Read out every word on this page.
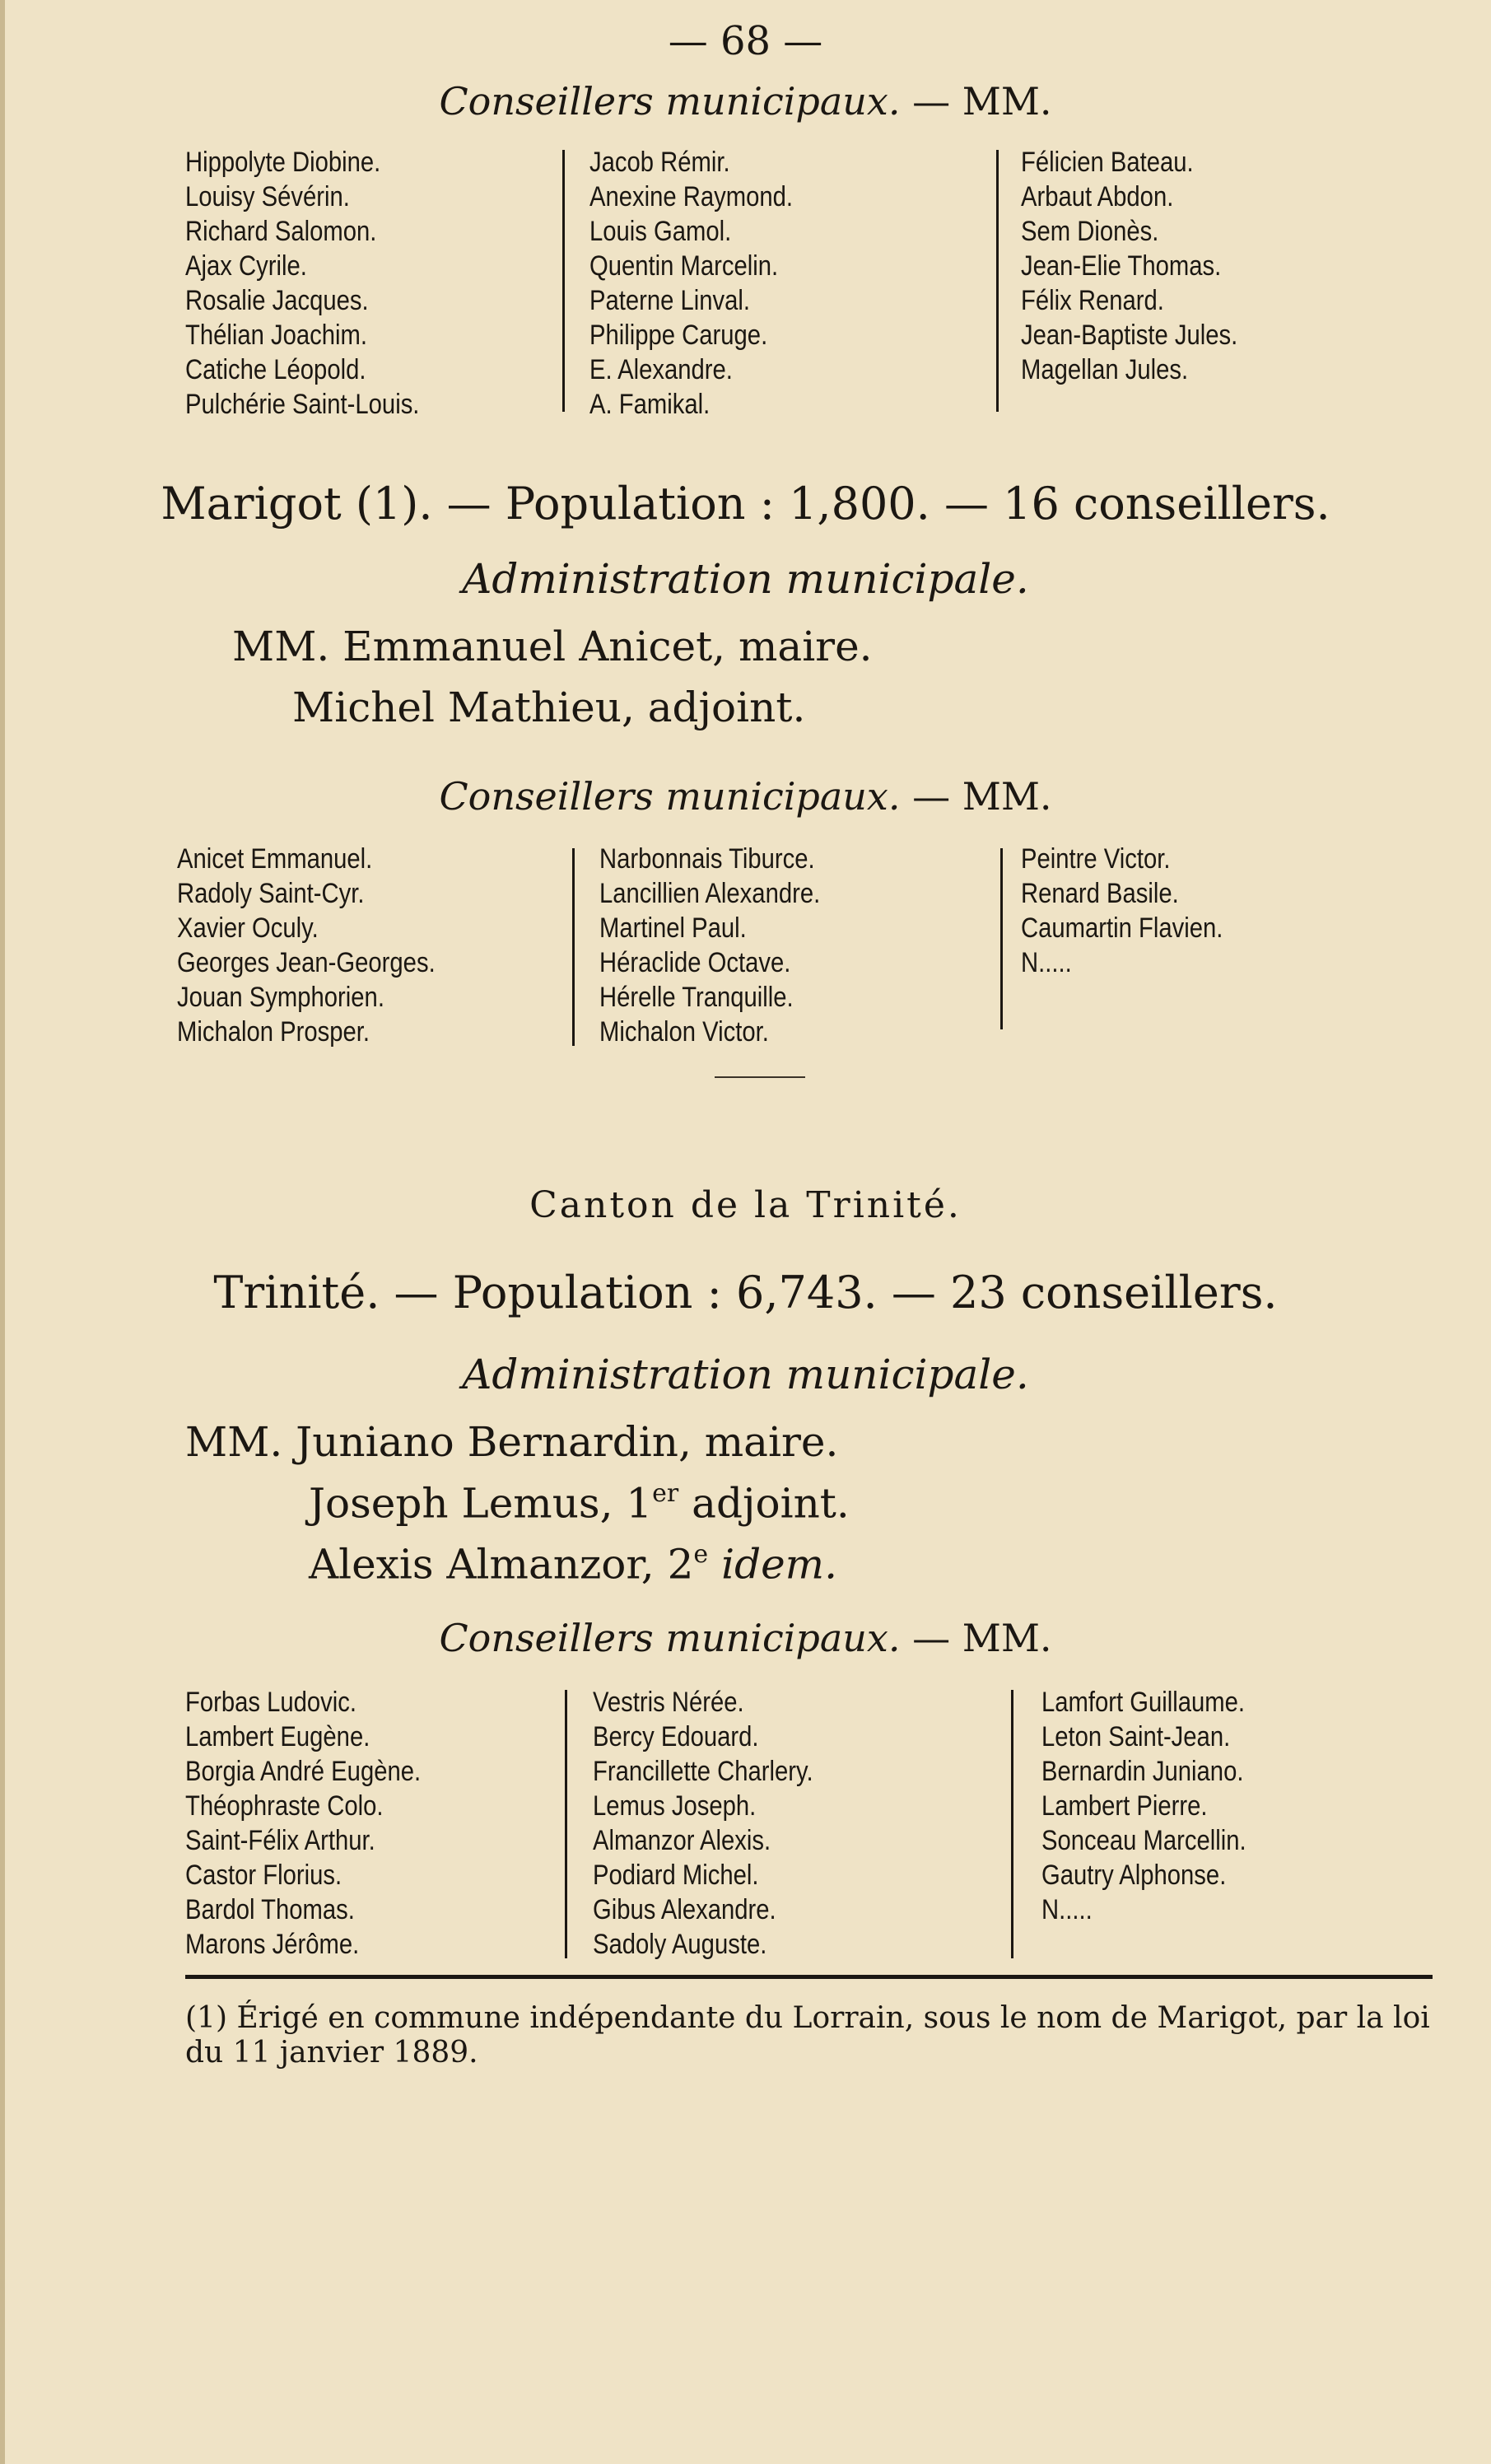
— 68 —
Conseillers municipaux. — MM.
Hippolyte Diobine.
Louisy Sévérin.
Richard Salomon.
Ajax Cyrile.
Rosalie Jacques.
Thélian Joachim.
Catiche Léopold.
Pulchérie Saint-Louis.
Jacob Rémir.
Anexine Raymond.
Louis Gamol.
Quentin Marcelin.
Paterne Linval.
Philippe Caruge.
E. Alexandre.
A. Famikal.
Félicien Bateau.
Arbaut Abdon.
Sem Dionès.
Jean-Elie Thomas.
Félix Renard.
Jean-Baptiste Jules.
Magellan Jules.
Marigot (1). — Population : 1,800. — 16 conseillers.
Administration municipale.
MM. Emmanuel Anicet, maire.
Michel Mathieu, adjoint.
Conseillers municipaux. — MM.
Anicet Emmanuel.
Radoly Saint-Cyr.
Xavier Oculy.
Georges Jean-Georges.
Jouan Symphorien.
Michalon Prosper.
Narbonnais Tiburce.
Lancillien Alexandre.
Martinel Paul.
Héraclide Octave.
Hérelle Tranquille.
Michalon Victor.
Peintre Victor.
Renard Basile.
Caumartin Flavien.
N.....
Canton de la Trinité.
Trinité. — Population : 6,743. — 23 conseillers.
Administration municipale.
MM. Juniano Bernardin, maire.
Joseph Lemus, 1er adjoint.
Alexis Almanzor, 2e idem.
Conseillers municipaux. — MM.
Forbas Ludovic.
Lambert Eugène.
Borgia André Eugène.
Théophraste Colo.
Saint-Félix Arthur.
Castor Florius.
Bardol Thomas.
Marons Jérôme.
Vestris Nérée.
Bercy Edouard.
Francillette Charlery.
Lemus Joseph.
Almanzor Alexis.
Podiard Michel.
Gibus Alexandre.
Sadoly Auguste.
Lamfort Guillaume.
Leton Saint-Jean.
Bernardin Juniano.
Lambert Pierre.
Sonceau Marcellin.
Gautry Alphonse.
N.....
(1) Érigé en commune indépendante du Lorrain, sous le nom de Marigot, par la loi du 11 janvier 1889.
